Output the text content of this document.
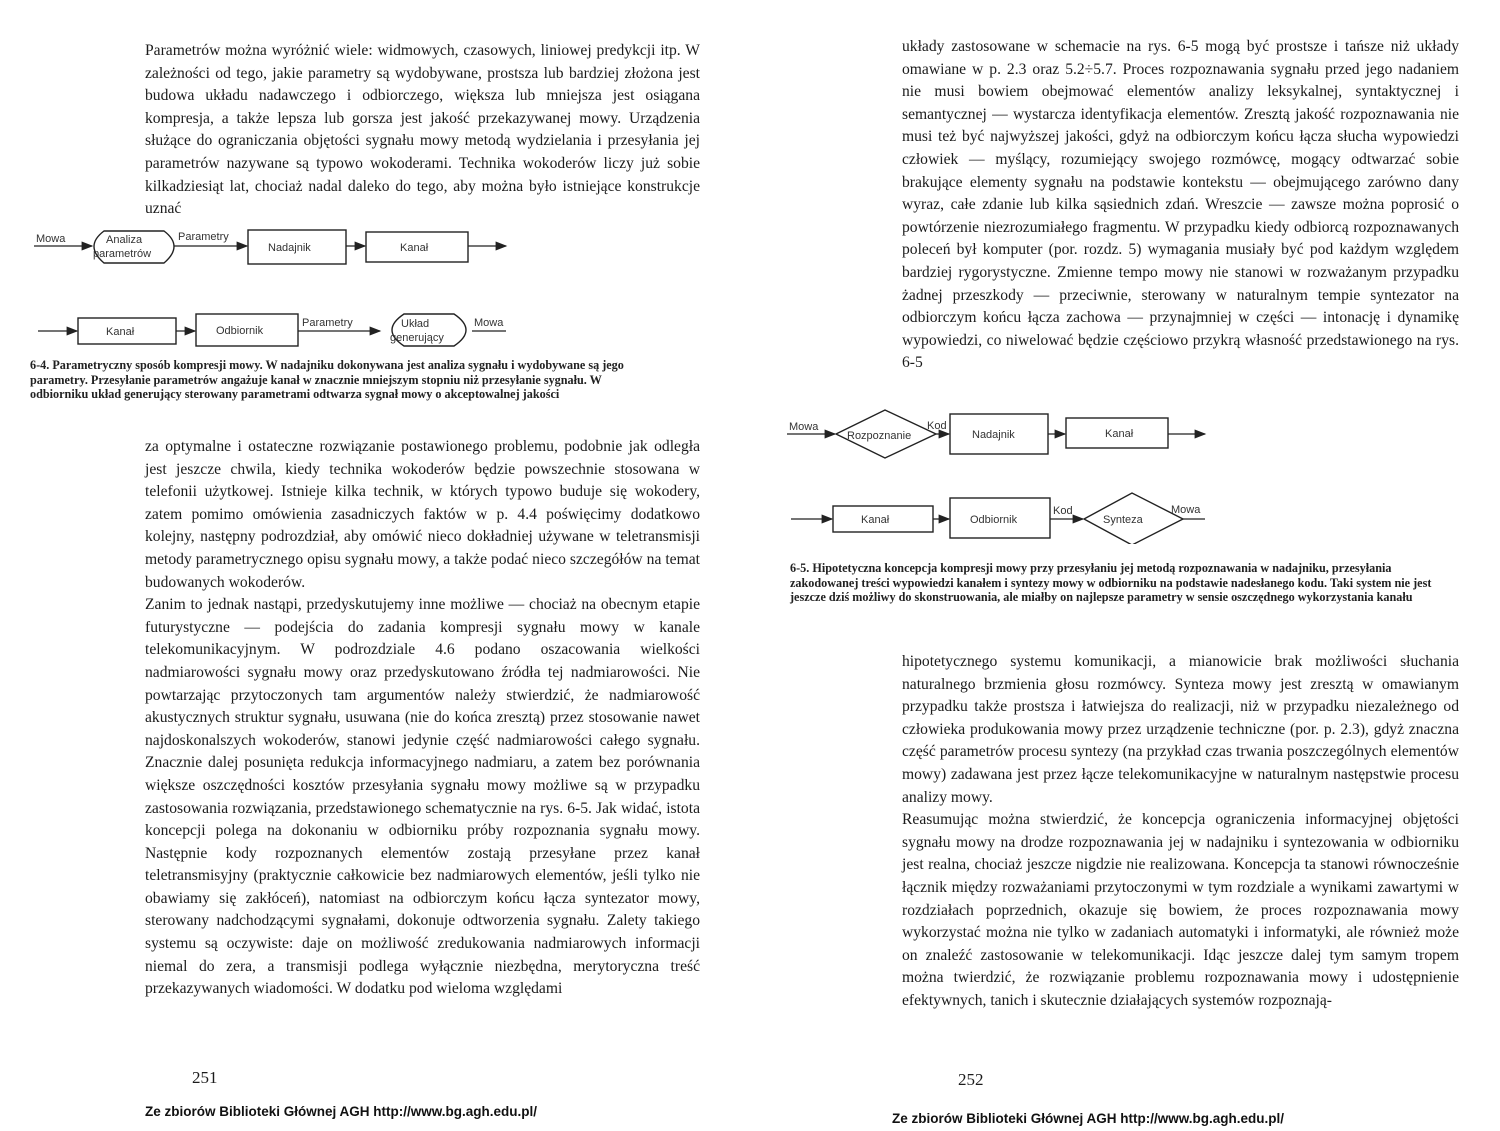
Parametrów można wyróżnić wiele: widmowych, czasowych, liniowej predykcji itp. W zależności od tego, jakie parametry są wydobywane, prostsza lub bardziej złożona jest budowa układu nadawczego i odbiorczego, większa lub mniejsza jest osiągana kompresja, a także lepsza lub gorsza jest jakość przekazywanej mowy. Urządzenia służące do ograniczania objętości sygnału mowy metodą wydzielania i przesyłania jej parametrów nazywane są typowo wokoderami. Technika wokoderów liczy już sobie kilkadziesiąt lat, chociaż nadal daleko do tego, aby można było istniejące konstrukcje uznać

Mowa	Analiza
parametrów
Parametry
Nadajnik	Kanał
Kanał	Odbiornik
Parametry	Układ
generujący
Mowa
6-4. Parametryczny sposób kompresji mowy. W nadajniku dokonywana jest analiza sygnału i wydobywane są jego parametry. Przesyłanie parametrów angażuje kanał w znacznie mniejszym stopniu niż przesyłanie sygnału. W odbiorniku układ generujący sterowany parametrami odtwarza sygnał mowy o akceptowalnej jakości

za optymalne i ostateczne rozwiązanie postawionego problemu, podobnie jak odległa jest jeszcze chwila, kiedy technika wokoderów będzie powszechnie stosowana w telefonii użytkowej. Istnieje kilka technik, w których typowo buduje się wokodery, zatem pomimo omówienia zasadniczych faktów w p. 4.4 poświęcimy dodatkowo kolejny, następny podrozdział, aby omówić nieco dokładniej używane w teletransmisji metody parametrycznego opisu sygnału mowy, a także podać nieco szczegółów na temat budowanych wokoderów.

Zanim to jednak nastąpi, przedyskutujemy inne możliwe — chociaż na obecnym etapie futurystyczne — podejścia do zadania kompresji sygnału mowy w kanale telekomunikacyjnym. W podrozdziale 4.6 podano oszacowania wielkości nadmiarowości sygnału mowy oraz przedyskutowano źródła tej nadmiarowości. Nie powtarzając przytoczonych tam argumentów należy stwierdzić, że nadmiarowość akustycznych struktur sygnału, usuwana (nie do końca zresztą) przez stosowanie nawet najdoskonalszych wokoderów, stanowi jedynie część nadmiarowości całego sygnału. Znacznie dalej posunięta redukcja informacyjnego nadmiaru, a zatem bez porównania większe oszczędności kosztów przesyłania sygnału mowy możliwe są w przypadku zastosowania rozwiązania, przedstawionego schematycznie na rys. 6-5. Jak widać, istota koncepcji polega na dokonaniu w odbiorniku próby rozpoznania sygnału mowy. Następnie kody rozpoznanych elementów zostają przesyłane przez kanał teletransmisyjny (praktycznie całkowicie bez nadmiarowych elementów, jeśli tylko nie obawiamy się zakłóceń), natomiast na odbiorczym końcu łącza syntezator mowy, sterowany nadchodzącymi sygnałami, dokonuje odtworzenia sygnału. Zalety takiego systemu są oczywiste: daje on możliwość zredukowania nadmiarowych informacji niemal do zera, a transmisji podlega wyłącznie niezbędna, merytoryczna treść przekazywanych wiadomości. W dodatku pod wieloma względami

251
Ze zbiorów Biblioteki Głównej AGH http://www.bg.agh.edu.pl/

układy zastosowane w schemacie na rys. 6-5 mogą być prostsze i tańsze niż układy omawiane w p. 2.3 oraz 5.2÷5.7. Proces rozpoznawania sygnału przed jego nadaniem nie musi bowiem obejmować elementów analizy leksykalnej, syntaktycznej i semantycznej — wystarcza identyfikacja elementów. Zresztą jakość rozpoznawania nie musi też być najwyższej jakości, gdyż na odbiorczym końcu łącza słucha wypowiedzi człowiek — myślący, rozumiejący swojego rozmówcę, mogący odtwarzać sobie brakujące elementy sygnału na podstawie kontekstu — obejmującego zarówno dany wyraz, całe zdanie lub kilka sąsiednich zdań. Wreszcie — zawsze można poprosić o powtórzenie niezrozumiałego fragmentu. W przypadku kiedy odbiorcą rozpoznawanych poleceń był komputer (por. rozdz. 5) wymagania musiały być pod każdym względem bardziej rygorystyczne. Zmienne tempo mowy nie stanowi w rozważanym przypadku żadnej przeszkody — przeciwnie, sterowany w naturalnym tempie syntezator na odbiorczym końcu łącza zachowa — przynajmniej w części — intonację i dynamikę wypowiedzi, co niwelować będzie częściowo przykrą własność przedstawionego na rys. 6-5

Mowa
Rozpoznanie
Kod
Nadajnik	Kanał
Kanał	Odbiornik
Kod
Synteza
Mowa
6-5. Hipotetyczna koncepcja kompresji mowy przy przesyłaniu jej metodą rozpoznawania w nadajniku, przesyłania zakodowanej treści wypowiedzi kanałem i syntezy mowy w odbiorniku na podstawie nadesłanego kodu. Taki system nie jest jeszcze dziś możliwy do skonstruowania, ale miałby on najlepsze parametry w sensie oszczędnego wykorzystania kanału

hipotetycznego systemu komunikacji, a mianowicie brak możliwości słuchania naturalnego brzmienia głosu rozmówcy. Synteza mowy jest zresztą w omawianym przypadku także prostsza i łatwiejsza do realizacji, niż w przypadku niezależnego od człowieka produkowania mowy przez urządzenie techniczne (por. p. 2.3), gdyż znaczna część parametrów procesu syntezy (na przykład czas trwania poszczególnych elementów mowy) zadawana jest przez łącze telekomunikacyjne w naturalnym następstwie procesu analizy mowy.

Reasumując można stwierdzić, że koncepcja ograniczenia informacyjnej objętości sygnału mowy na drodze rozpoznawania jej w nadajniku i syntezowania w odbiorniku jest realna, chociaż jeszcze nigdzie nie realizowana. Koncepcja ta stanowi równocześnie łącznik między rozważaniami przytoczonymi w tym rozdziale a wynikami zawartymi w rozdziałach poprzednich, okazuje się bowiem, że proces rozpoznawania mowy wykorzystać można nie tylko w zadaniach automatyki i informatyki, ale również może on znaleźć zastosowanie w telekomunikacji. Idąc jeszcze dalej tym samym tropem można twierdzić, że rozwiązanie problemu rozpoznawania mowy i udostępnienie efektywnych, tanich i skutecznie działających systemów rozpoznają-

252
Ze zbiorów Biblioteki Głównej AGH http://www.bg.agh.edu.pl/
